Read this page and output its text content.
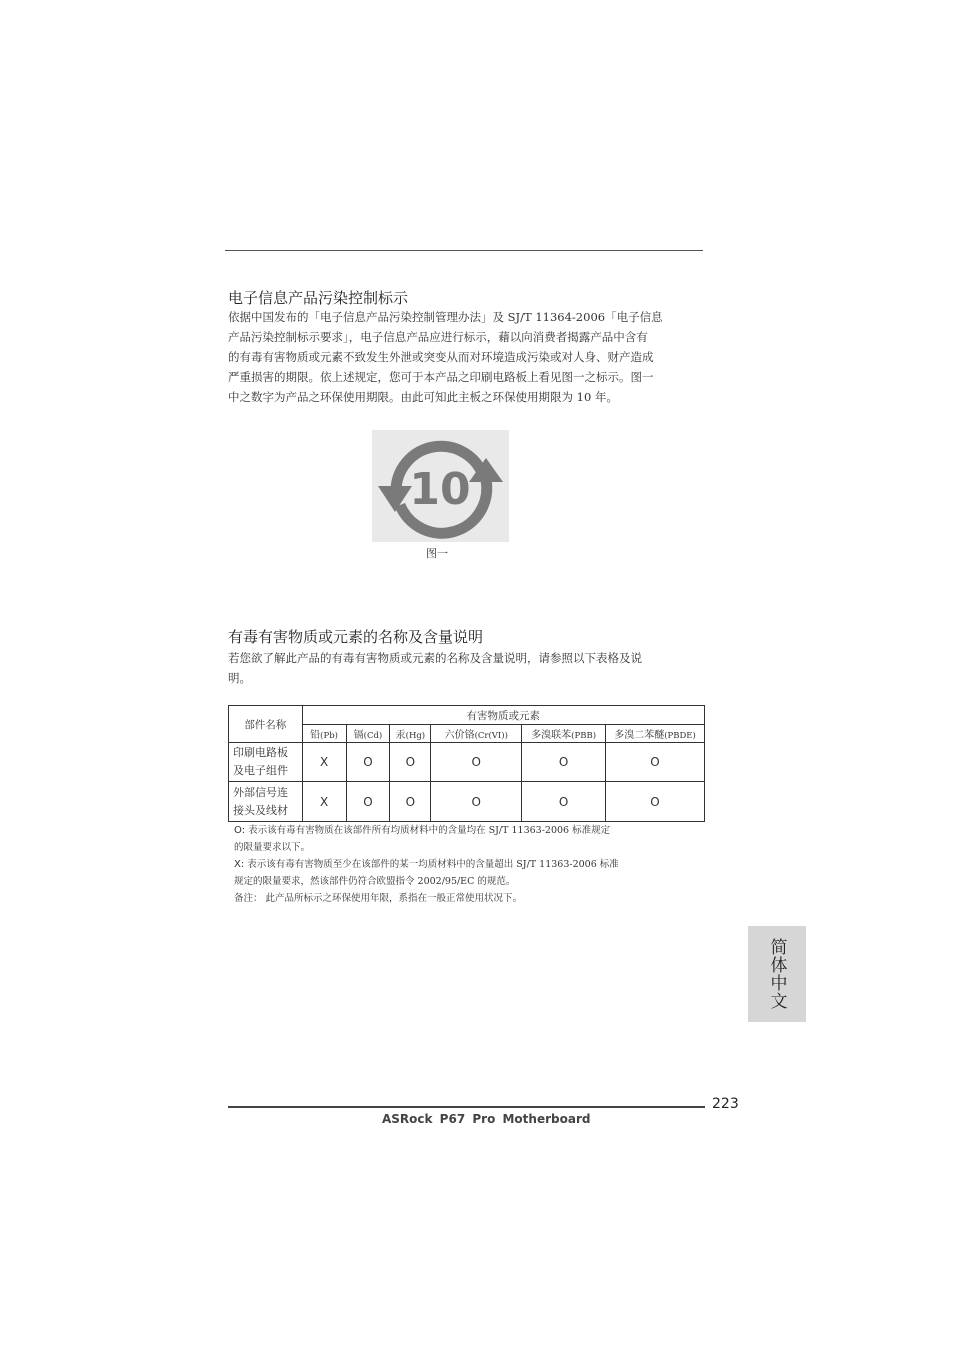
电子信息产品污染控制标示
依据中国发布的「电子信息产品污染控制管理办法」及 SJ/T 11364-2006「电子信息
产品污染控制标示要求」，电子信息产品应进行标示，藉以向消费者揭露产品中含有
的有毒有害物质或元素不致发生外泄或突变从而对环境造成污染或对人身、财产造成
严重损害的期限。依上述规定，您可于本产品之印刷电路板上看见图一之标示。图一
中之数字为产品之环保使用期限。由此可知此主板之环保使用期限为 10 年。
10
图一
有毒有害物质或元素的名称及含量说明
若您欲了解此产品的有毒有害物质或元素的名称及含量说明，请参照以下表格及说
明。
部件名称	有害物质或元素					
	铅(Pb)	镉(Cd)	汞(Hg)	六价铬(Cr(VI))	多溴联苯(PBB)	多溴二苯醚(PBDE)

印刷电路板
及电子组件	X	O	O	O	O	O

外部信号连
接头及线材	X	O	O	O	O	O
O: 表示该有毒有害物质在该部件所有均质材料中的含量均在 SJ/T 11363-2006 标准规定
的限量要求以下。
X: 表示该有毒有害物质至少在该部件的某一均质材料中的含量超出 SJ/T 11363-2006 标准
规定的限量要求，然该部件仍符合欧盟指令 2002/95/EC 的规范。
备注： 此产品所标示之环保使用年限，系指在一般正常使用状况下。
简体中文
223
ASRock P67 Pro Motherboard
